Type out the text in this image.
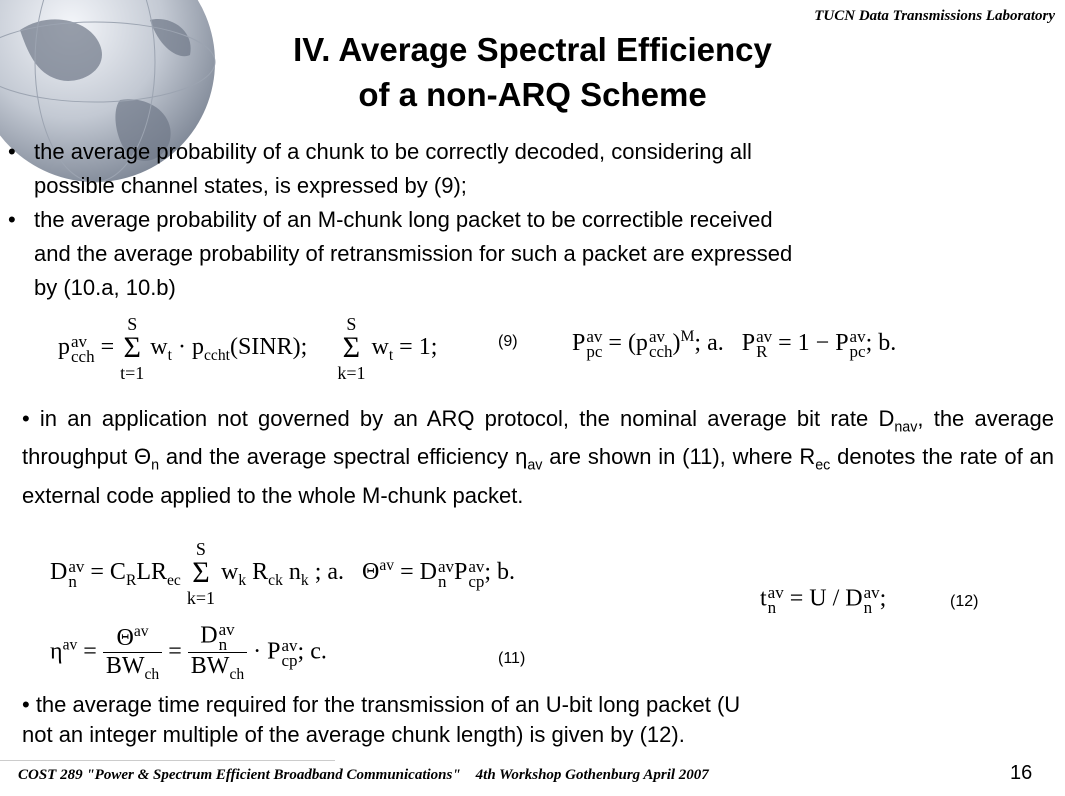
TUCN Data Transmissions Laboratory
IV. Average Spectral Efficiency
of a non-ARQ Scheme
• the average probability of a chunk to be correctly decoded, considering all
possible channel states, is expressed by (9);
• the average probability of an M-chunk long packet to be correctible received
and the average probability of retransmission for such a packet are expressed
by (10.a, 10.b)
p av
cch =
S
Σ
t=1
$w_t$ · $p_{ccht}(SINR)$;
S
Σ
k=1
$w_t = 1$;	(9) P av
pc = (p av
cch )$^M$; a.   P av
R = 1 − P av
pc ; b.
• in an application not governed by an ARQ protocol, the nominal average bit rate $D_{nav}$, the average throughput $\Theta_n$ and the average spectral efficiency $\eta_{av}$ are shown in (11), where $R_{ec}$ denotes the rate of an external code applied to the whole M-chunk packet.
D av
$n = C_RLR_{ec}$
S
Σ
k=1
$w_k$ $R_{ck}$ $n_k$ ; a.   $\Theta^{av} = D$ av
n P av
cp ; b.
t av
n = U / D av
n ;	(12)
$\eta^{av} = \frac{\Theta^{av}}{BW_{ch}} = D$ av
n
$BW_{ch} \cdot P$ av
cp ; c.	(11)
• the average time required for the transmission of an U-bit long packet (U
not an integer multiple of the average chunk length) is given by (12).
COST 289 "Power & Spectrum Efficient Broadband Communications"    4th Workshop Gothenburg April 2007	16
